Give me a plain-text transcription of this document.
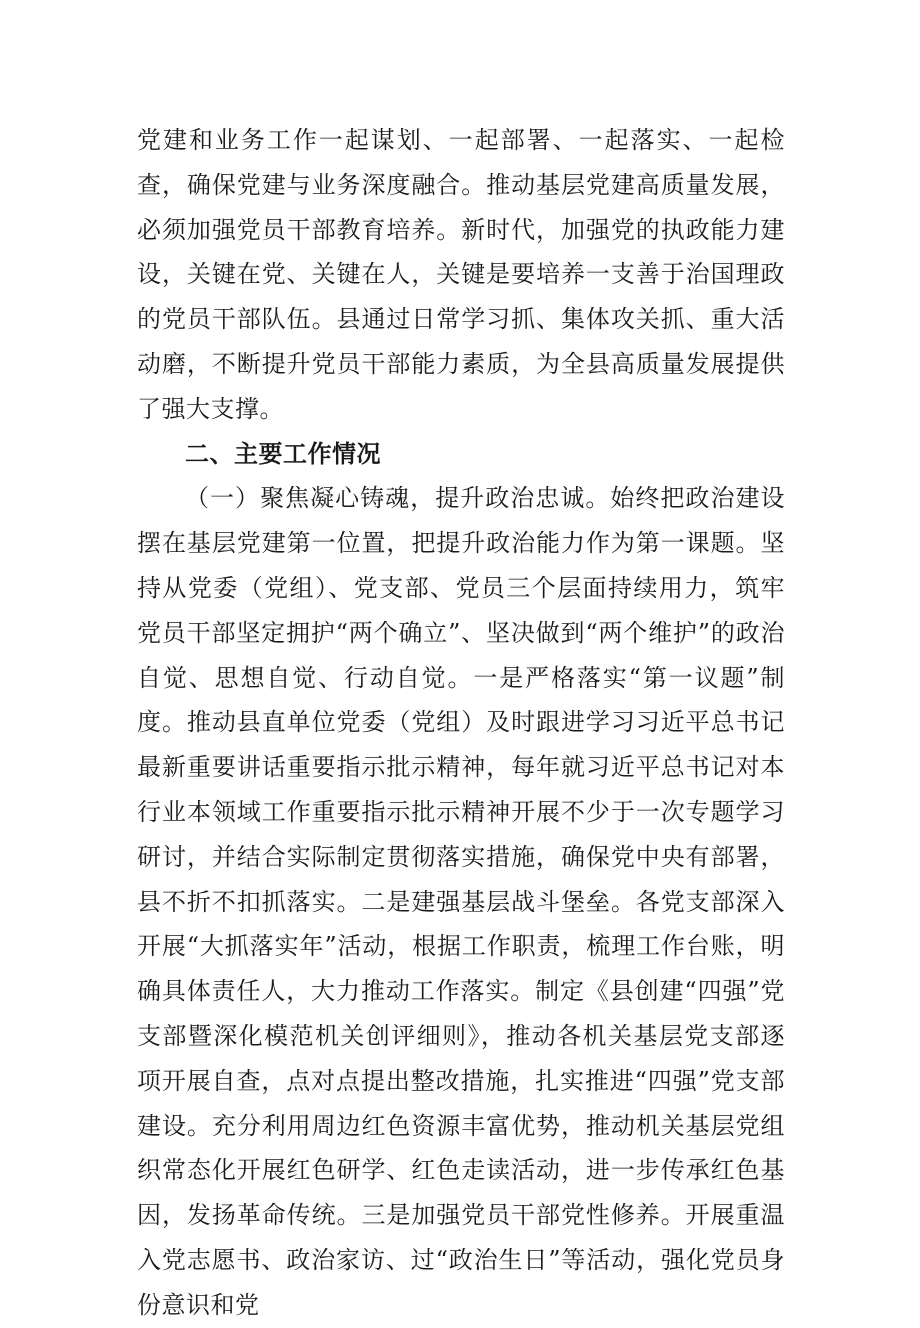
党建和业务工作一起谋划、一起部署、一起落实、一起检查，确保党建与业务深度融合。推动基层党建高质量发展，必须加强党员干部教育培养。新时代，加强党的执政能力建设，关键在党、关键在人，关键是要培养一支善于治国理政的党员干部队伍。县通过日常学习抓、集体攻关抓、重大活动磨，不断提升党员干部能力素质，为全县高质量发展提供了强大支撑。

二、主要工作情况

（一）聚焦凝心铸魂，提升政治忠诚。始终把政治建设摆在基层党建第一位置，把提升政治能力作为第一课题。坚持从党委（党组）、党支部、党员三个层面持续用力，筑牢党员干部坚定拥护“两个确立”、坚决做到“两个维护”的政治自觉、思想自觉、行动自觉。一是严格落实“第一议题”制度。推动县直单位党委（党组）及时跟进学习习近平总书记最新重要讲话重要指示批示精神，每年就习近平总书记对本行业本领域工作重要指示批示精神开展不少于一次专题学习研讨，并结合实际制定贯彻落实措施，确保党中央有部署，县不折不扣抓落实。二是建强基层战斗堡垒。各党支部深入开展“大抓落实年”活动，根据工作职责，梳理工作台账，明确具体责任人，大力推动工作落实。制定《县创建“四强”党支部暨深化模范机关创评细则》，推动各机关基层党支部逐项开展自查，点对点提出整改措施，扎实推进“四强”党支部建设。充分利用周边红色资源丰富优势，推动机关基层党组织常态化开展红色研学、红色走读活动，进一步传承红色基因，发扬革命传统。三是加强党员干部党性修养。开展重温入党志愿书、政治家访、过“政治生日”等活动，强化党员身份意识和党
